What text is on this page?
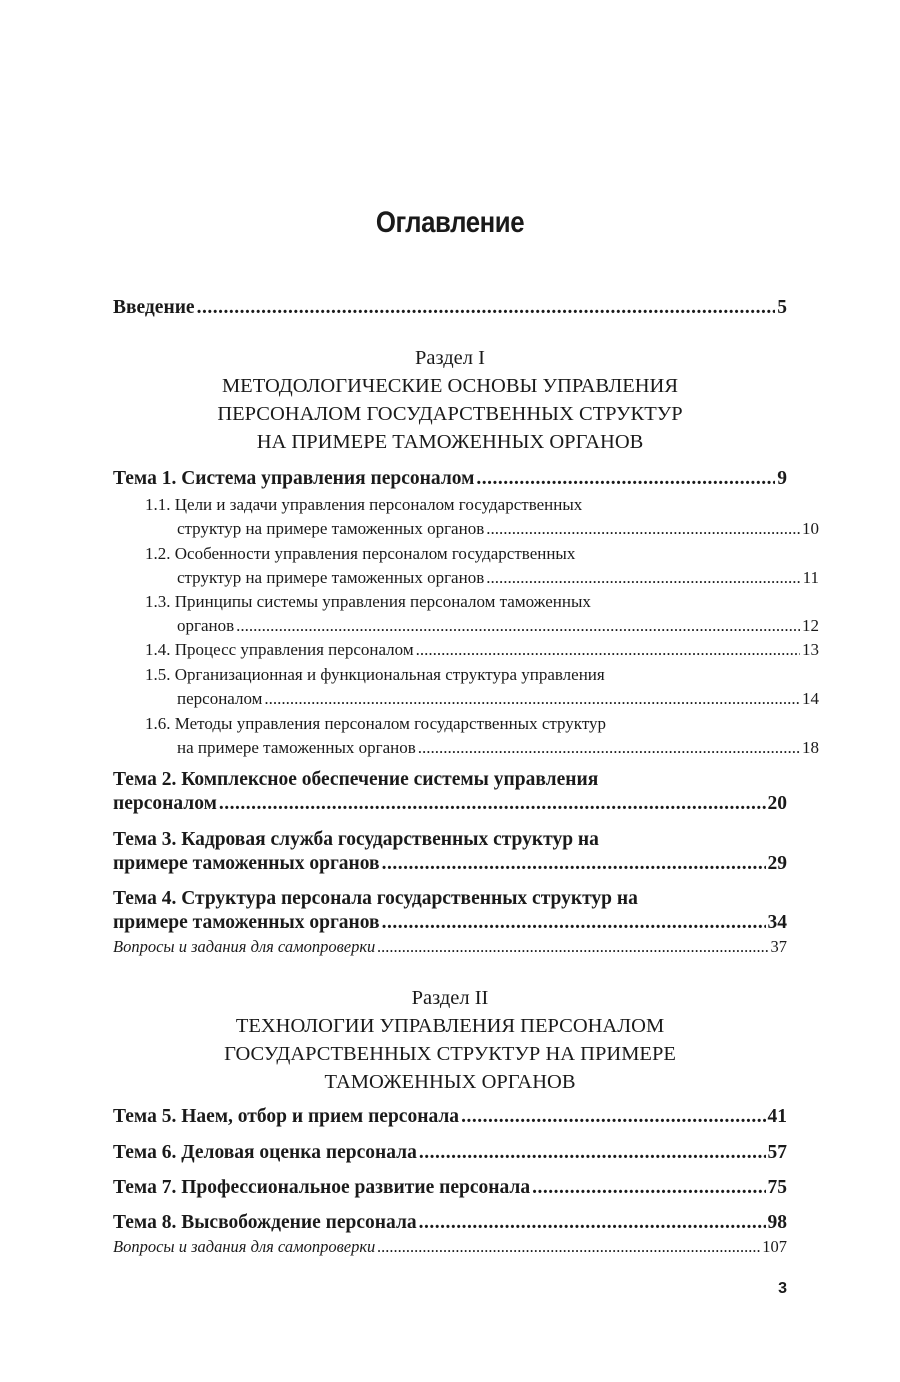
Оглавление
Введение .....	5
Раздел I
МЕТОДОЛОГИЧЕСКИЕ ОСНОВЫ УПРАВЛЕНИЯ
ПЕРСОНАЛОМ ГОСУДАРСТВЕННЫХ СТРУКТУР
НА ПРИМЕРЕ ТАМОЖЕННЫХ ОРГАНОВ
Тема 1. Система управления персоналом .....	9
1.1. Цели и задачи управления персоналом государственных
структур на примере таможенных органов .....	10
1.2. Особенности управления персоналом государственных
структур на примере таможенных органов .....	11
1.3. Принципы системы управления персоналом таможенных
органов .....	12
1.4. Процесс управления персоналом .....	13
1.5. Организационная и функциональная структура управления
персоналом .....	14
1.6. Методы управления персоналом государственных структур
на примере таможенных органов .....	18
Тема 2. Комплексное обеспечение системы управления
персоналом .....	20
Тема 3. Кадровая служба государственных структур на
примере таможенных органов .....	29
Тема 4. Структура персонала государственных структур на
примере таможенных органов .....	34
Вопросы и задания для самопроверки .....	37
Раздел II
ТЕХНОЛОГИИ УПРАВЛЕНИЯ ПЕРСОНАЛОМ
ГОСУДАРСТВЕННЫХ СТРУКТУР НА ПРИМЕРЕ
ТАМОЖЕННЫХ ОРГАНОВ
Тема 5. Наем, отбор и прием персонала .....	41
Тема 6. Деловая оценка персонала .....	57
Тема 7. Профессиональное развитие персонала .....	75
Тема 8. Высвобождение персонала .....	98
Вопросы и задания для самопроверки .....	107
3
